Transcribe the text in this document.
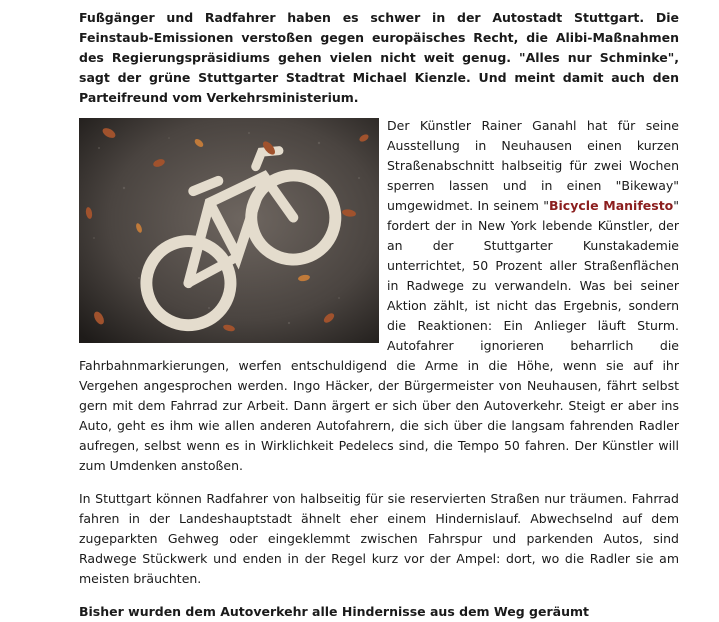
Fußgänger und Radfahrer haben es schwer in der Autostadt Stuttgart. Die Feinstaub-Emissionen verstoßen gegen europäisches Recht, die Alibi-Maßnahmen des Regierungspräsidiums gehen vielen nicht weit genug. "Alles nur Schminke", sagt der grüne Stuttgarter Stadtrat Michael Kienzle. Und meint damit auch den Parteifreund vom Verkehrsministerium.

Der Künstler Rainer Ganahl hat für seine Ausstellung in Neuhausen einen kurzen Straßenabschnitt halbseitig für zwei Wochen sperren lassen und in einen "Bikeway" umgewidmet. In seinem "Bicycle Manifesto" fordert der in New York lebende Künstler, der an der Stuttgarter Kunstakademie unterrichtet, 50 Prozent aller Straßenflächen in Radwege zu verwandeln. Was bei seiner Aktion zählt, ist nicht das Ergebnis, sondern die Reaktionen: Ein Anlieger läuft Sturm. Autofahrer ignorieren beharrlich die Fahrbahnmarkierungen, werfen entschuldigend die Arme in die Höhe, wenn sie auf ihr Vergehen angesprochen werden. Ingo Häcker, der Bürgermeister von Neuhausen, fährt selbst gern mit dem Fahrrad zur Arbeit. Dann ärgert er sich über den Autoverkehr. Steigt er aber ins Auto, geht es ihm wie allen anderen Autofahrern, die sich über die langsam fahrenden Radler aufregen, selbst wenn es in Wirklichkeit Pedelecs sind, die Tempo 50 fahren. Der Künstler will zum Umdenken anstoßen.

In Stuttgart können Radfahrer von halbseitig für sie reservierten Straßen nur träumen. Fahrrad fahren in der Landeshauptstadt ähnelt eher einem Hindernislauf. Abwechselnd auf dem zugeparkten Gehweg oder eingeklemmt zwischen Fahrspur und parkenden Autos, sind Radwege Stückwerk und enden in der Regel kurz vor der Ampel: dort, wo die Radler sie am meisten bräuchten.

Bisher wurden dem Autoverkehr alle Hindernisse aus dem Weg geräumt
